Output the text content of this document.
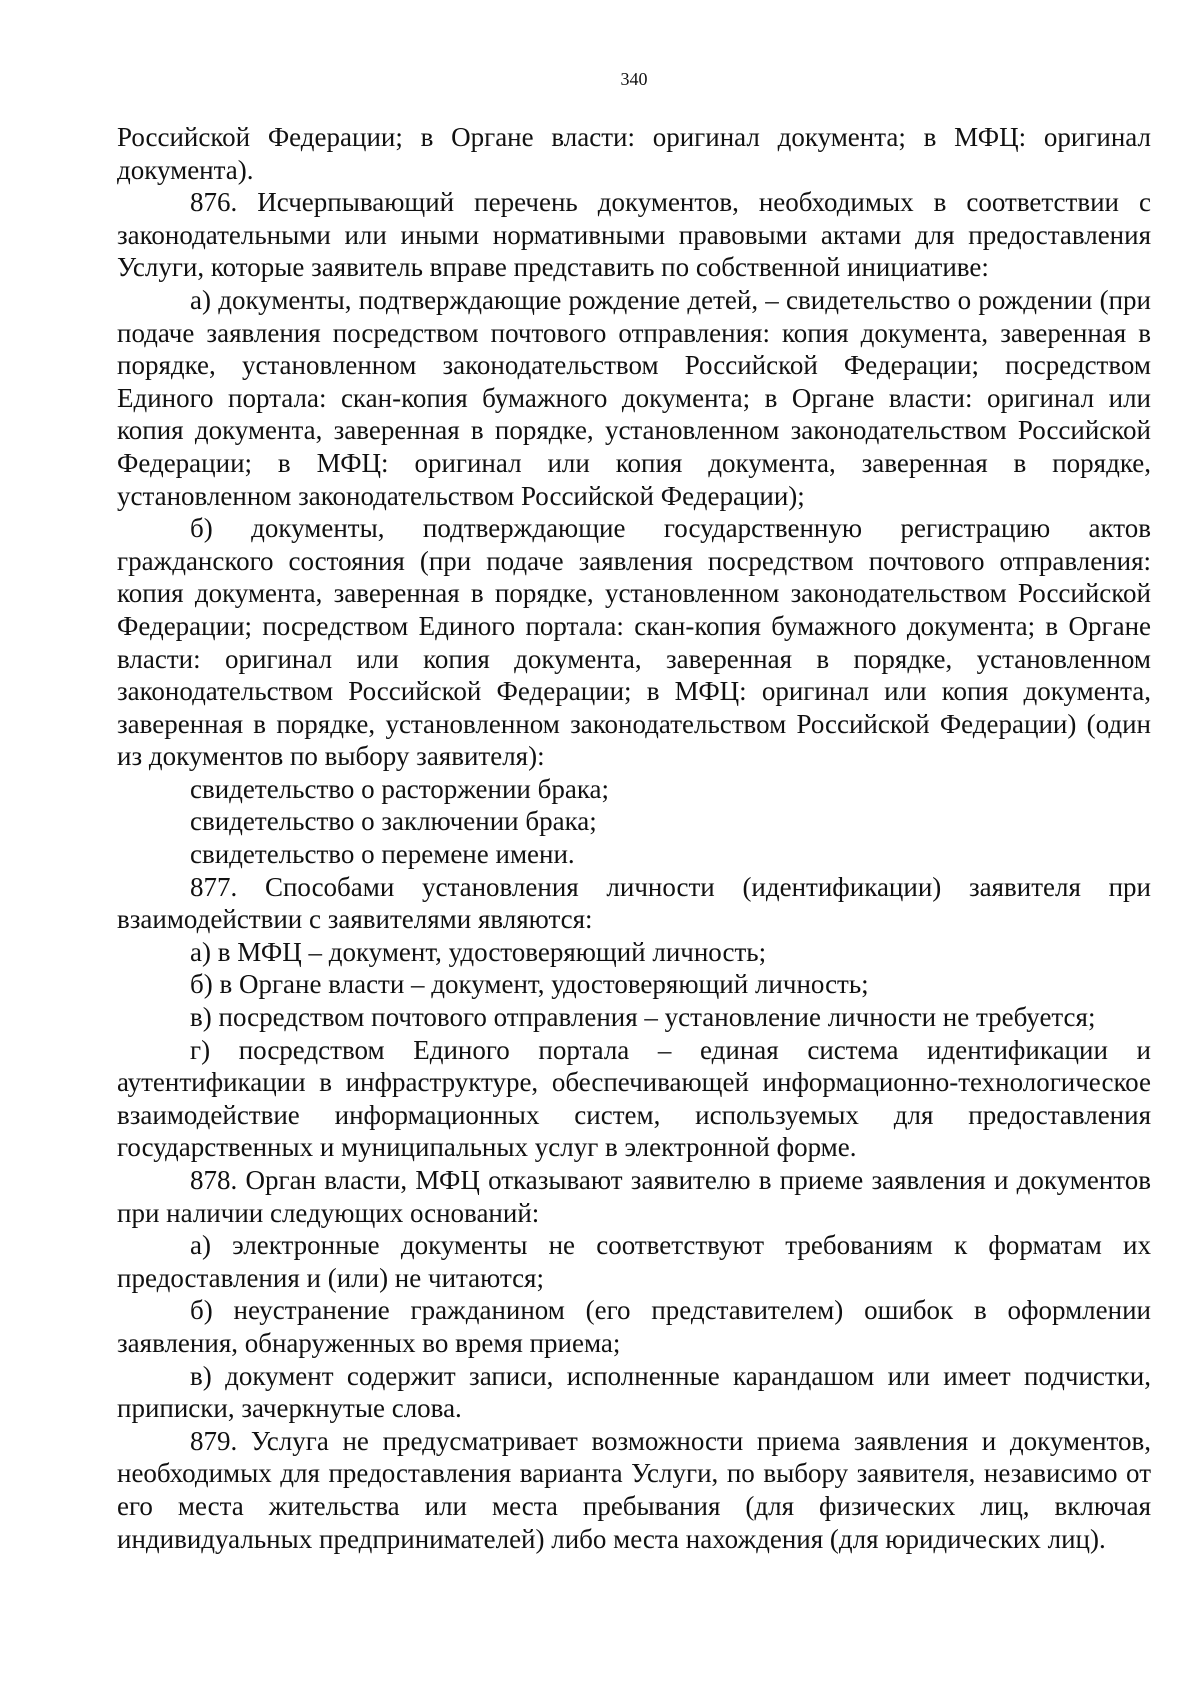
340

Российской Федерации; в Органе власти: оригинал документа; в МФЦ: оригинал документа).

876. Исчерпывающий перечень документов, необходимых в соответствии с законодательными или иными нормативными правовыми актами для предоставления Услуги, которые заявитель вправе представить по собственной инициативе:

а) документы, подтверждающие рождение детей, – свидетельство о рождении (при подаче заявления посредством почтового отправления: копия документа, заверенная в порядке, установленном законодательством Российской Федерации; посредством Единого портала: скан-копия бумажного документа; в Органе власти: оригинал или копия документа, заверенная в порядке, установленном законодательством Российской Федерации; в МФЦ: оригинал или копия документа, заверенная в порядке, установленном законодательством Российской Федерации);

б) документы, подтверждающие государственную регистрацию актов гражданского состояния (при подаче заявления посредством почтового отправления: копия документа, заверенная в порядке, установленном законодательством Российской Федерации; посредством Единого портала: скан-копия бумажного документа; в Органе власти: оригинал или копия документа, заверенная в порядке, установленном законодательством Российской Федерации; в МФЦ: оригинал или копия документа, заверенная в порядке, установленном законодательством Российской Федерации) (один из документов по выбору заявителя):

свидетельство о расторжении брака;

свидетельство о заключении брака;

свидетельство о перемене имени.

877. Способами установления личности (идентификации) заявителя при взаимодействии с заявителями являются:

а) в МФЦ – документ, удостоверяющий личность;

б) в Органе власти – документ, удостоверяющий личность;

в) посредством почтового отправления – установление личности не требуется;

г) посредством Единого портала – единая система идентификации и аутентификации в инфраструктуре, обеспечивающей информационно-технологическое взаимодействие информационных систем, используемых для предоставления государственных и муниципальных услуг в электронной форме.

878. Орган власти, МФЦ отказывают заявителю в приеме заявления и документов при наличии следующих оснований:

а) электронные документы не соответствуют требованиям к форматам их предоставления и (или) не читаются;

б) неустранение гражданином (его представителем) ошибок в оформлении заявления, обнаруженных во время приема;

в) документ содержит записи, исполненные карандашом или имеет подчистки, приписки, зачеркнутые слова.

879. Услуга не предусматривает возможности приема заявления и документов, необходимых для предоставления варианта Услуги, по выбору заявителя, независимо от его места жительства или места пребывания (для физических лиц, включая индивидуальных предпринимателей) либо места нахождения (для юридических лиц).
